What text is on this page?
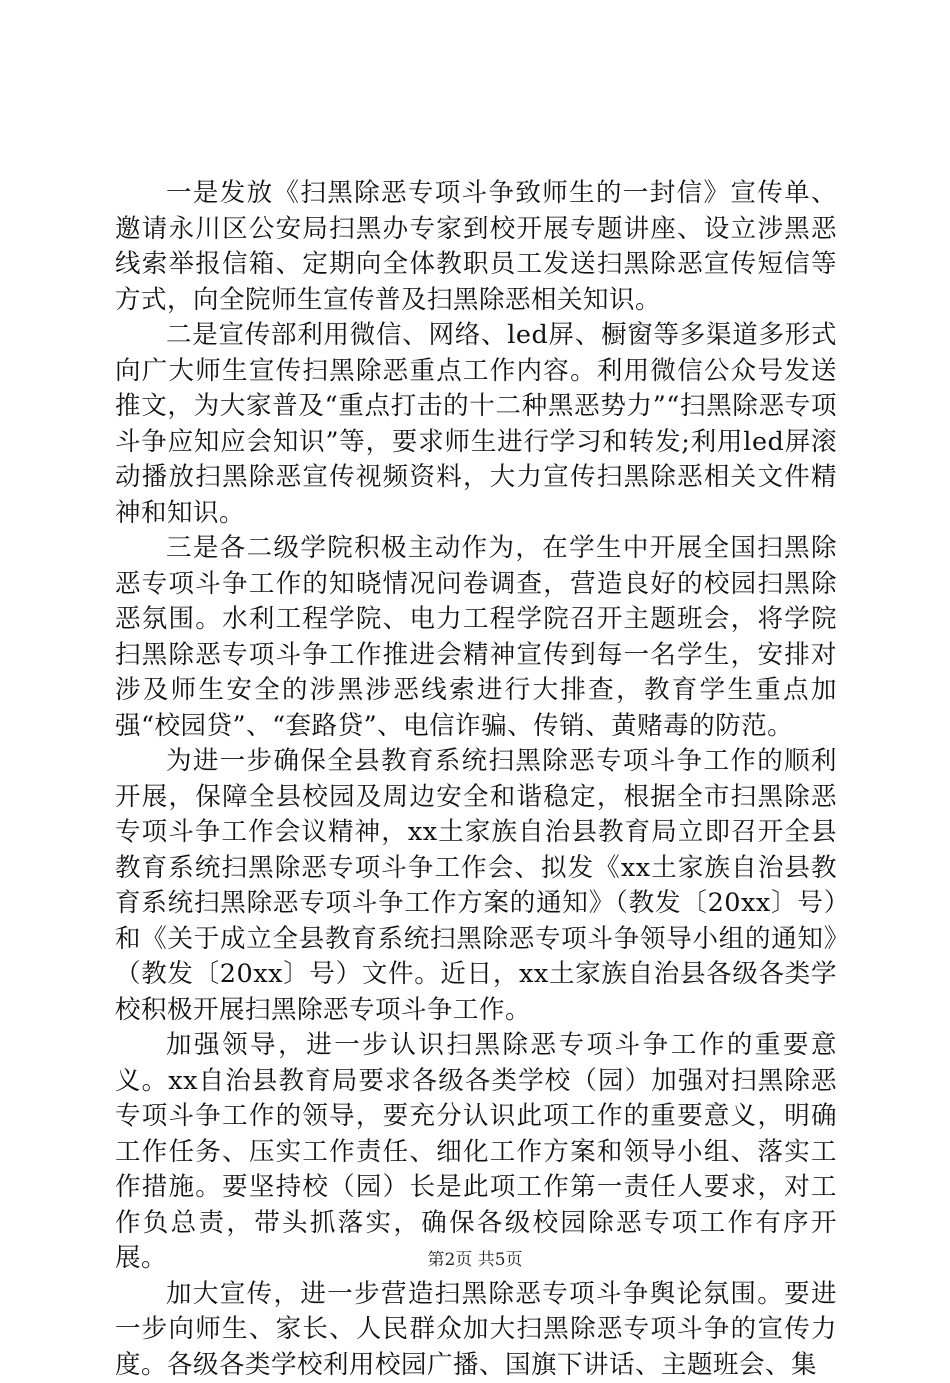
一是发放《扫黑除恶专项斗争致师生的一封信》宣传单、邀请永川区公安局扫黑办专家到校开展专题讲座、设立涉黑恶线索举报信箱、定期向全体教职员工发送扫黑除恶宣传短信等方式，向全院师生宣传普及扫黑除恶相关知识。

二是宣传部利用微信、网络、led屏、橱窗等多渠道多形式向广大师生宣传扫黑除恶重点工作内容。利用微信公众号发送推文，为大家普及“重点打击的十二种黑恶势力”“扫黑除恶专项斗争应知应会知识”等，要求师生进行学习和转发;利用led屏滚动播放扫黑除恶宣传视频资料，大力宣传扫黑除恶相关文件精神和知识。

三是各二级学院积极主动作为，在学生中开展全国扫黑除恶专项斗争工作的知晓情况问卷调查，营造良好的校园扫黑除恶氛围。水利工程学院、电力工程学院召开主题班会，将学院扫黑除恶专项斗争工作推进会精神宣传到每一名学生，安排对涉及师生安全的涉黑涉恶线索进行大排查，教育学生重点加强“校园贷”、“套路贷”、电信诈骗、传销、黄赌毒的防范。

为进一步确保全县教育系统扫黑除恶专项斗争工作的顺利开展，保障全县校园及周边安全和谐稳定，根据全市扫黑除恶专项斗争工作会议精神，xx土家族自治县教育局立即召开全县教育系统扫黑除恶专项斗争工作会、拟发《xx土家族自治县教育系统扫黑除恶专项斗争工作方案的通知》（教发〔20xx〕号）和《关于成立全县教育系统扫黑除恶专项斗争领导小组的通知》（教发〔20xx〕号）文件。近日，xx土家族自治县各级各类学校积极开展扫黑除恶专项斗争工作。

加强领导，进一步认识扫黑除恶专项斗争工作的重要意义。xx自治县教育局要求各级各类学校（园）加强对扫黑除恶专项斗争工作的领导，要充分认识此项工作的重要意义，明确工作任务、压实工作责任、细化工作方案和领导小组、落实工作措施。要坚持校（园）长是此项工作第一责任人要求，对工作负总责，带头抓落实，确保各级校园除恶专项工作有序开展。

加大宣传，进一步营造扫黑除恶专项斗争舆论氛围。要进一步向师生、家长、人民群众加大扫黑除恶专项斗争的宣传力度。各级各类学校利用校园广播、国旗下讲话、主题班会、集

第2页 共5页
